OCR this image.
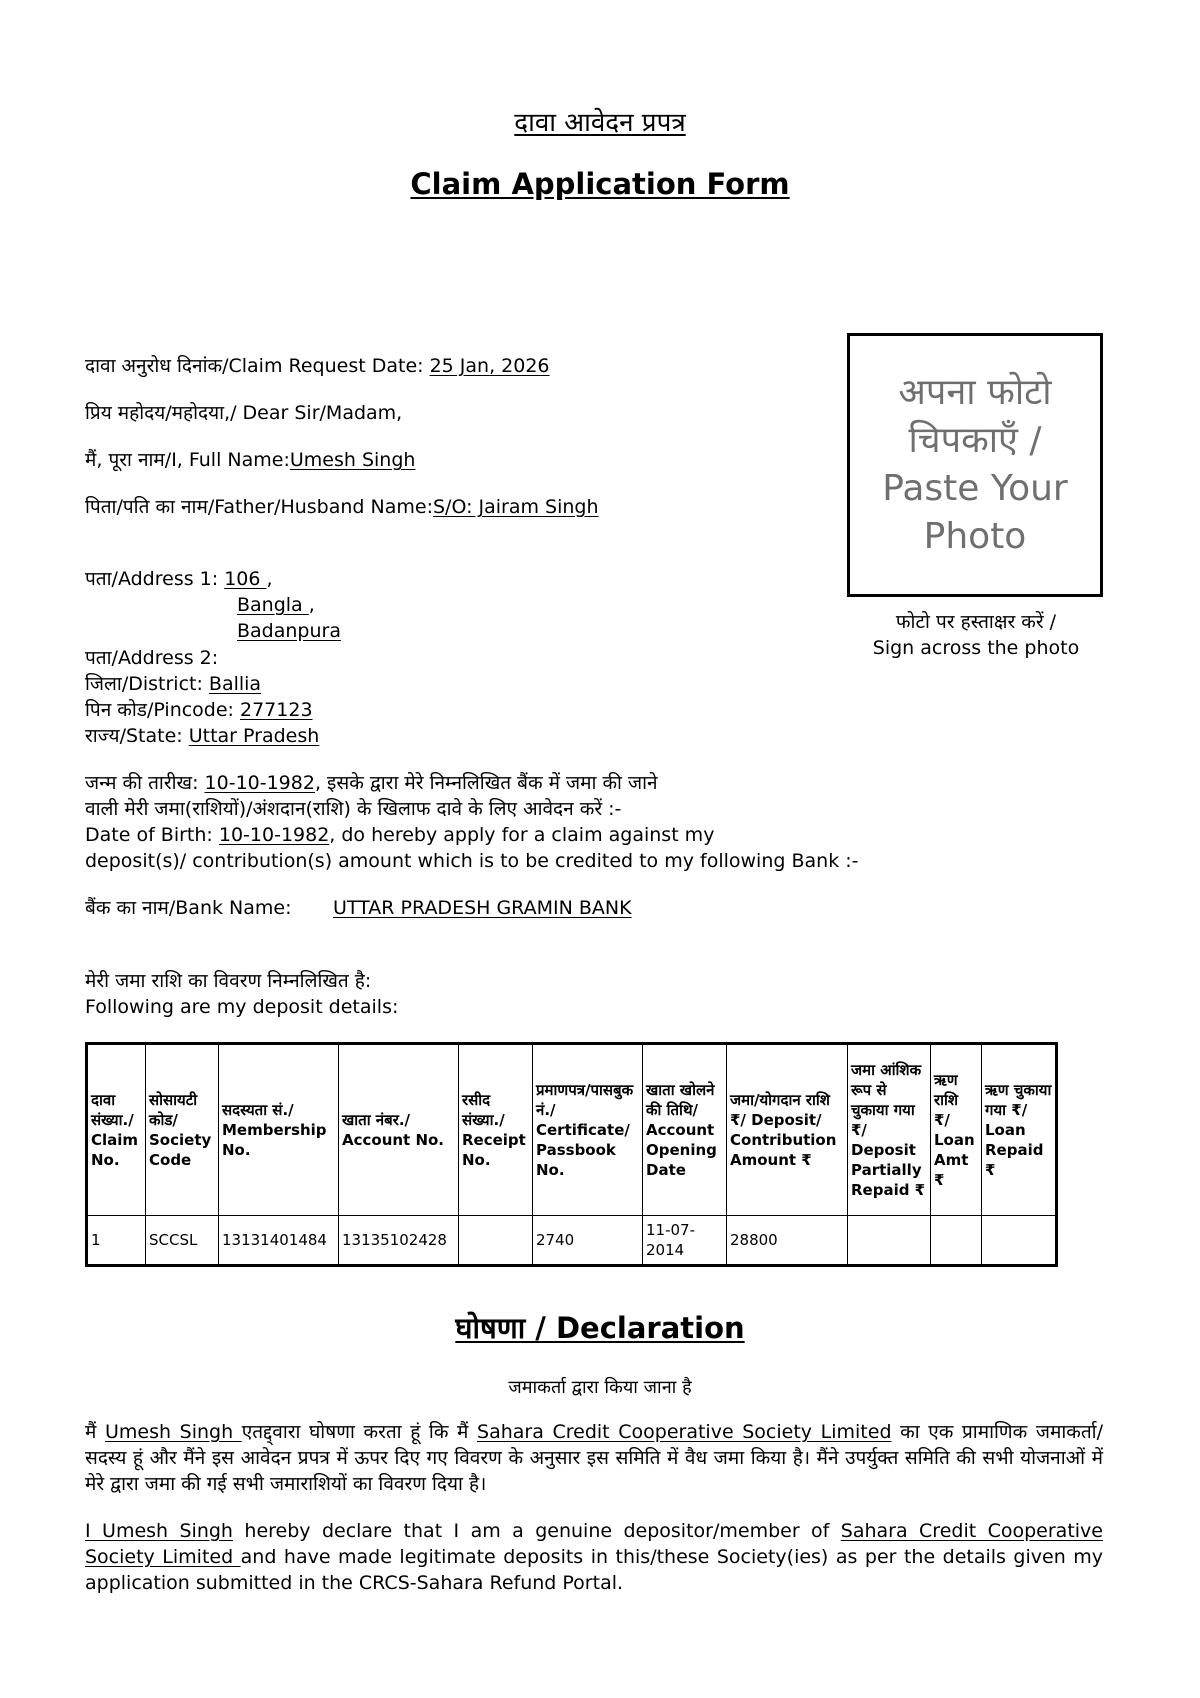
दावा आवेदन प्रपत्र
Claim Application Form
दावा अनुरोध दिनांक/Claim Request Date: 25 Jan, 2026
प्रिय महोदय/महोदया,/ Dear Sir/Madam,
मैं, पूरा नाम/I, Full Name:Umesh Singh
पिता/पति का नाम/Father/Husband Name:S/O: Jairam Singh
अपना फोटो
चिपकाएँ /
Paste Your
Photo
फोटो पर हस्ताक्षर करें /
Sign across the photo
पता/Address 1: 106 ,
Bangla ,
Badanpura
पता/Address 2:
जिला/District: Ballia
पिन कोड/Pincode: 277123
राज्य/State: Uttar Pradesh
जन्म की तारीख: 10-10-1982, इसके द्वारा मेरे निम्नलिखित बैंक में जमा की जाने
वाली मेरी जमा(राशियों)/अंशदान(राशि) के खिलाफ दावे के लिए आवेदन करें :-
Date of Birth: 10-10-1982, do hereby apply for a claim against my
deposit(s)/ contribution(s) amount which is to be credited to my following Bank :-
बैंक का नाम/Bank Name: UTTAR PRADESH GRAMIN BANK
मेरी जमा राशि का विवरण निम्नलिखित है:
Following are my deposit details:
दावा संख्या./ Claim No.	सोसायटी कोड/ Society Code	सदस्यता सं./ Membership No.	खाता नंबर./ Account No.	रसीद संख्या./ Receipt No.	प्रमाणपत्र/पासबुक नं./ Certificate/ Passbook No.	खाता खोलने की तिथि/ Account Opening Date	जमा/योगदान राशि ₹/ Deposit/ Contribution Amount ₹	जमा आंशिक रूप से चुकाया गया ₹/ Deposit Partially Repaid ₹	ऋण राशि ₹/ Loan Amt ₹	ऋण चुकाया गया ₹/ Loan Repaid ₹
1	SCCSL	13131401484	13135102428		2740	11-07-2014	28800			
घोषणा / Declaration
जमाकर्ता द्वारा किया जाना है
मैं Umesh Singh एतद्द्वारा घोषणा करता हूं कि मैं Sahara Credit Cooperative Society Limited का एक प्रामाणिक जमाकर्ता/ सदस्य हूं और मैंने इस आवेदन प्रपत्र में ऊपर दिए गए विवरण के अनुसार इस समिति में वैध जमा किया है। मैंने उपर्युक्त समिति की सभी योजनाओं में मेरे द्वारा जमा की गई सभी जमाराशियों का विवरण दिया है।
I Umesh Singh hereby declare that I am a genuine depositor/member of Sahara Credit Cooperative Society Limited and have made legitimate deposits in this/these Society(ies) as per the details given my application submitted in the CRCS-Sahara Refund Portal.
